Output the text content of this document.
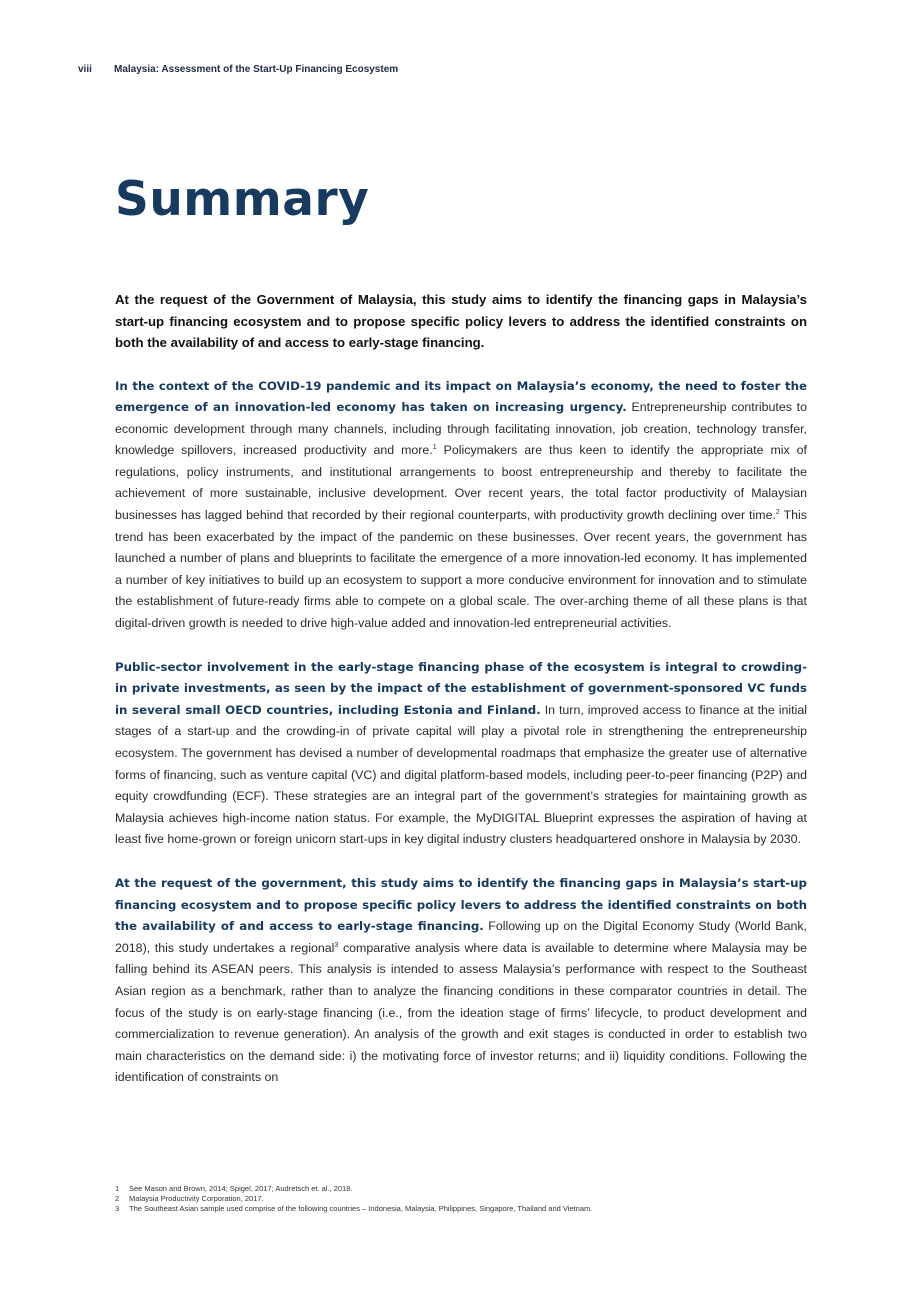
viii Malaysia: Assessment of the Start-Up Financing Ecosystem
Summary

At the request of the Government of Malaysia, this study aims to identify the financing gaps in Malaysia’s start-up financing ecosystem and to propose specific policy levers to address the identified constraints on both the availability of and access to early-stage financing.

In the context of the COVID-19 pandemic and its impact on Malaysia’s economy, the need to foster the emergence of an innovation-led economy has taken on increasing urgency. Entrepreneurship contributes to economic development through many channels, including through facilitating innovation, job creation, technology transfer, knowledge spillovers, increased productivity and more.$^1$ Policymakers are thus keen to identify the appropriate mix of regulations, policy instruments, and institutional arrangements to boost entrepreneurship and thereby to facilitate the achievement of more sustainable, inclusive development. Over recent years, the total factor productivity of Malaysian businesses has lagged behind that recorded by their regional counterparts, with productivity growth declining over time.$^2$ This trend has been exacerbated by the impact of the pandemic on these businesses. Over recent years, the government has launched a number of plans and blueprints to facilitate the emergence of a more innovation-led economy. It has implemented a number of key initiatives to build up an ecosystem to support a more conducive environment for innovation and to stimulate the establishment of future-ready firms able to compete on a global scale. The over-arching theme of all these plans is that digital-driven growth is needed to drive high-value added and innovation-led entrepreneurial activities.

Public-sector involvement in the early-stage financing phase of the ecosystem is integral to crowding-in private investments, as seen by the impact of the establishment of government-sponsored VC funds in several small OECD countries, including Estonia and Finland. In turn, improved access to finance at the initial stages of a start-up and the crowding-in of private capital will play a pivotal role in strengthening the entrepreneurship ecosystem. The government has devised a number of developmental roadmaps that emphasize the greater use of alternative forms of financing, such as venture capital (VC) and digital platform-based models, including peer-to-peer financing (P2P) and equity crowdfunding (ECF). These strategies are an integral part of the government’s strategies for maintaining growth as Malaysia achieves high-income nation status. For example, the MyDIGITAL Blueprint expresses the aspiration of having at least five home-grown or foreign unicorn start-ups in key digital industry clusters headquartered onshore in Malaysia by 2030.

At the request of the government, this study aims to identify the financing gaps in Malaysia’s start-up financing ecosystem and to propose specific policy levers to address the identified constraints on both the availability of and access to early-stage financing. Following up on the Digital Economy Study (World Bank, 2018), this study undertakes a regional$^3$ comparative analysis where data is available to determine where Malaysia may be falling behind its ASEAN peers. This analysis is intended to assess Malaysia’s performance with respect to the Southeast Asian region as a benchmark, rather than to analyze the financing conditions in these comparator countries in detail. The focus of the study is on early-stage financing (i.e., from the ideation stage of firms’ lifecycle, to product development and commercialization to revenue generation). An analysis of the growth and exit stages is conducted in order to establish two main characteristics on the demand side: i) the motivating force of investor returns; and ii) liquidity conditions. Following the identification of constraints on

1	See Mason and Brown, 2014; Spigel, 2017; Audretsch et. al., 2018.
2	Malaysia Productivity Corporation, 2017.
3	The Southeast Asian sample used comprise of the following countries – Indonesia, Malaysia, Philippines, Singapore, Thailand and Vietnam.
